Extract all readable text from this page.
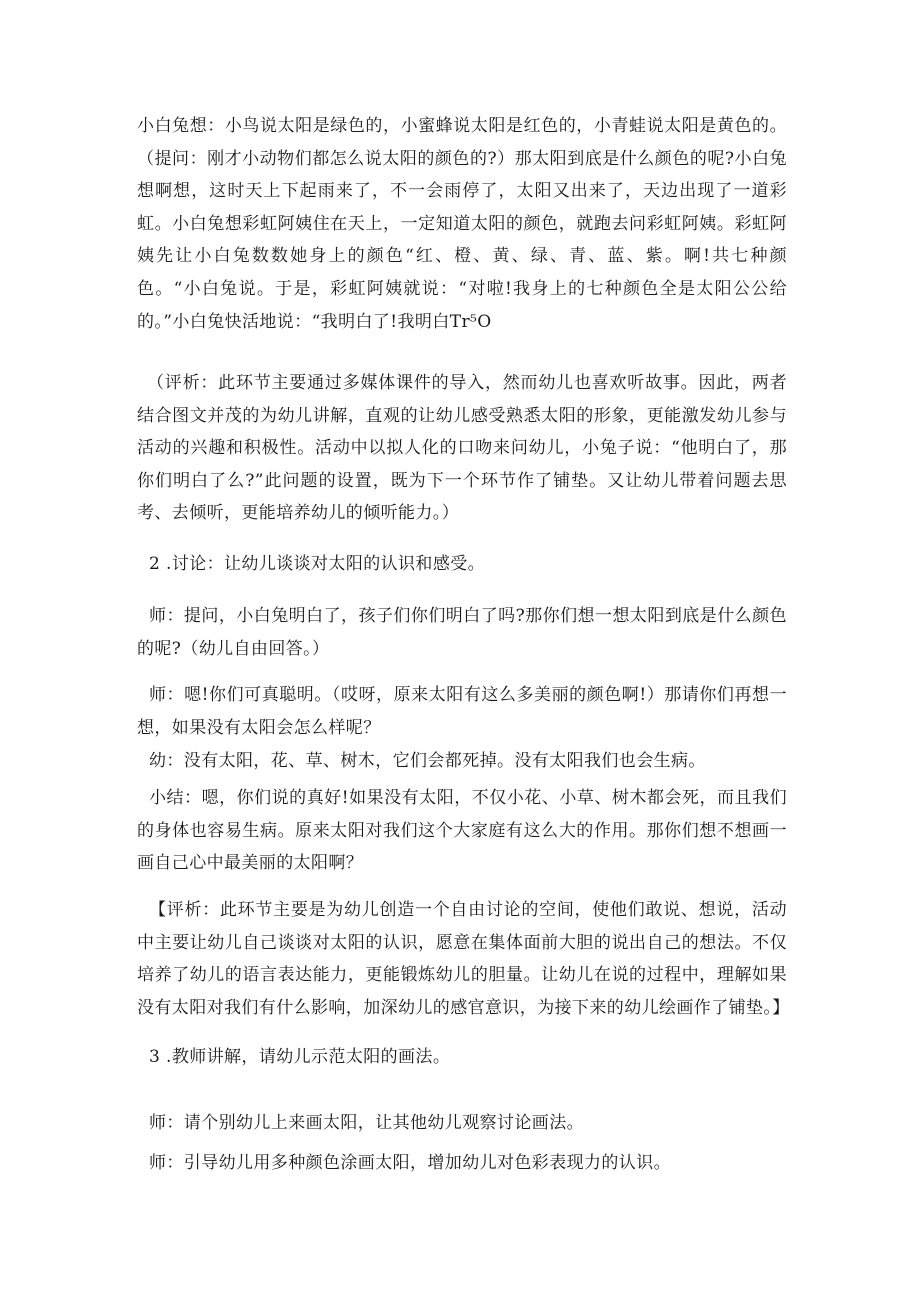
小白兔想：小鸟说太阳是绿色的，小蜜蜂说太阳是红色的，小青蛙说太阳是黄色的。（提问：刚才小动物们都怎么说太阳的颜色的?）那太阳到底是什么颜色的呢?小白兔想啊想，这时天上下起雨来了，不一会雨停了，太阳又出来了，天边出现了一道彩虹。小白兔想彩虹阿姨住在天上，一定知道太阳的颜色，就跑去问彩虹阿姨。彩虹阿姨先让小白兔数数她身上的颜色“红、橙、黄、绿、青、蓝、紫。啊!共七种颜色。“小白兔说。于是，彩虹阿姨就说：“对啦!我身上的七种颜色全是太阳公公给的。”小白兔快活地说：“我明白了!我明白Tr⁵O

（评析：此环节主要通过多媒体课件的导入，然而幼儿也喜欢听故事。因此，两者结合图文并茂的为幼儿讲解，直观的让幼儿感受熟悉太阳的形象，更能激发幼儿参与活动的兴趣和积极性。活动中以拟人化的口吻来问幼儿，小兔子说：“他明白了，那你们明白了么?”此问题的设置，既为下一个环节作了铺垫。又让幼儿带着问题去思考、去倾听，更能培养幼儿的倾听能力。）

2 .讨论：让幼儿谈谈对太阳的认识和感受。

师：提问，小白兔明白了，孩子们你们明白了吗?那你们想一想太阳到底是什么颜色的呢?（幼儿自由回答。）

师：嗯!你们可真聪明。（哎呀，原来太阳有这么多美丽的颜色啊!）那请你们再想一想，如果没有太阳会怎么样呢？

幼：没有太阳，花、草、树木，它们会都死掉。没有太阳我们也会生病。

小结：嗯，你们说的真好!如果没有太阳，不仅小花、小草、树木都会死，而且我们的身体也容易生病。原来太阳对我们这个大家庭有这么大的作用。那你们想不想画一画自己心中最美丽的太阳啊？

【评析：此环节主要是为幼儿创造一个自由讨论的空间，使他们敢说、想说，活动中主要让幼儿自己谈谈对太阳的认识，愿意在集体面前大胆的说出自己的想法。不仅培养了幼儿的语言表达能力，更能锻炼幼儿的胆量。让幼儿在说的过程中，理解如果没有太阳对我们有什么影响，加深幼儿的感官意识，为接下来的幼儿绘画作了铺垫。】

3 .教师讲解，请幼儿示范太阳的画法。

师：请个别幼儿上来画太阳，让其他幼儿观察讨论画法。

师：引导幼儿用多种颜色涂画太阳，增加幼儿对色彩表现力的认识。
